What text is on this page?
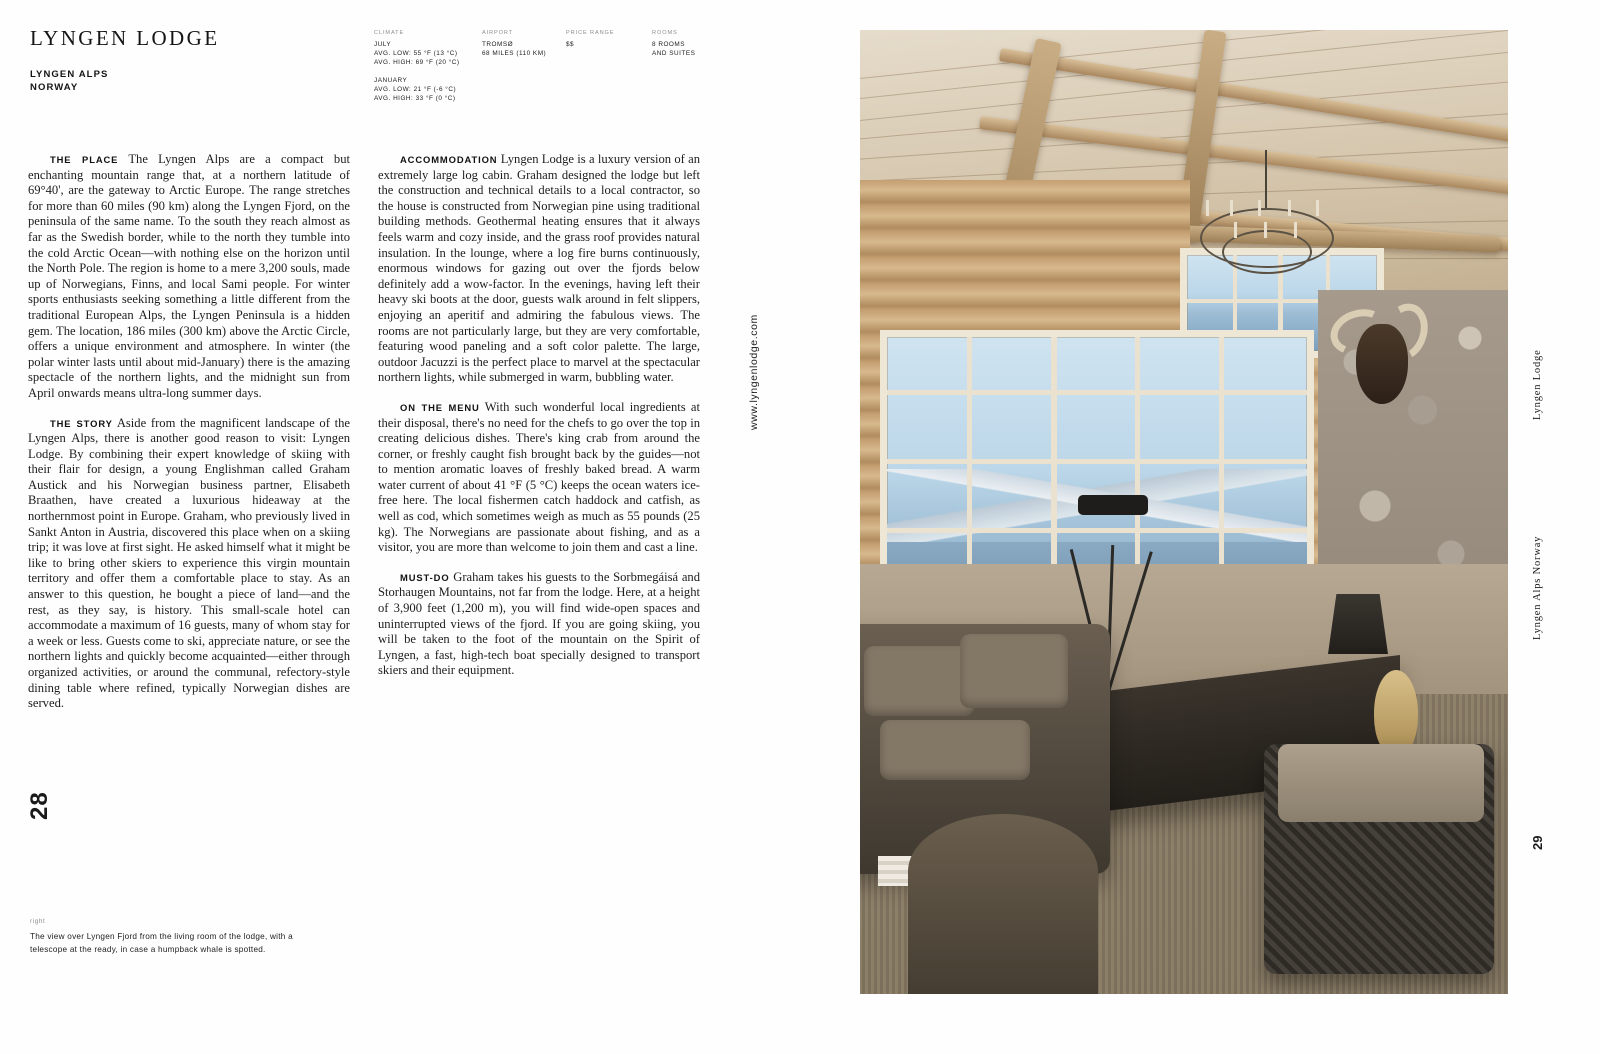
LYNGEN LODGE
LYNGEN ALPS
NORWAY
CLIMATE
JULY
AVG. LOW: 55 °F (13 °C)
AVG. HIGH: 69 °F (20 °C)
JANUARY
AVG. LOW: 21 °F (-6 °C)
AVG. HIGH: 33 °F (0 °C)
AIRPORT
TROMSØ
68 MILES (110 KM)
PRICE RANGE
$$
ROOMS
8 ROOMS
AND SUITES

THE PLACE The Lyngen Alps are a compact but enchanting mountain range that, at a northern latitude of 69°40', are the gateway to Arctic Europe. The range stretches for more than 60 miles (90 km) along the Lyngen Fjord, on the peninsula of the same name. To the south they reach almost as far as the Swedish border, while to the north they tumble into the cold Arctic Ocean—with nothing else on the horizon until the North Pole. The region is home to a mere 3,200 souls, made up of Norwegians, Finns, and local Sami people. For winter sports enthusiasts seeking something a little different from the traditional European Alps, the Lyngen Peninsula is a hidden gem. The location, 186 miles (300 km) above the Arctic Circle, offers a unique environment and atmosphere. In winter (the polar winter lasts until about mid-January) there is the amazing spectacle of the northern lights, and the midnight sun from April onwards means ultra-long summer days.

THE STORY Aside from the magnificent landscape of the Lyngen Alps, there is another good reason to visit: Lyngen Lodge. By combining their expert knowledge of skiing with their flair for design, a young Englishman called Graham Austick and his Norwegian business partner, Elisabeth Braathen, have created a luxurious hideaway at the northernmost point in Europe. Graham, who previously lived in Sankt Anton in Austria, discovered this place when on a skiing trip; it was love at first sight. He asked himself what it might be like to bring other skiers to experience this virgin mountain territory and offer them a comfortable place to stay. As an answer to this question, he bought a piece of land—and the rest, as they say, is history. This small-scale hotel can accommodate a maximum of 16 guests, many of whom stay for a week or less. Guests come to ski, appreciate nature, or see the northern lights and quickly become acquainted—either through organized activities, or around the communal, refectory-style dining table where refined, typically Norwegian dishes are served.

ACCOMMODATION Lyngen Lodge is a luxury version of an extremely large log cabin. Graham designed the lodge but left the construction and technical details to a local contractor, so the house is constructed from Norwegian pine using traditional building methods. Geothermal heating ensures that it always feels warm and cozy inside, and the grass roof provides natural insulation. In the lounge, where a log fire burns continuously, enormous windows for gazing out over the fjords below definitely add a wow-factor. In the evenings, having left their heavy ski boots at the door, guests walk around in felt slippers, enjoying an aperitif and admiring the fabulous views. The rooms are not particularly large, but they are very comfortable, featuring wood paneling and a soft color palette. The large, outdoor Jacuzzi is the perfect place to marvel at the spectacular northern lights, while submerged in warm, bubbling water.

ON THE MENU With such wonderful local ingredients at their disposal, there's no need for the chefs to go over the top in creating delicious dishes. There's king crab from around the corner, or freshly caught fish brought back by the guides—not to mention aromatic loaves of freshly baked bread. A warm water current of about 41 °F (5 °C) keeps the ocean waters ice-free here. The local fishermen catch haddock and catfish, as well as cod, which sometimes weigh as much as 55 pounds (25 kg). The Norwegians are passionate about fishing, and as a visitor, you are more than welcome to join them and cast a line.

MUST-DO Graham takes his guests to the Sorbmegáisá and Storhaugen Mountains, not far from the lodge. Here, at a height of 3,900 feet (1,200 m), you will find wide-open spaces and uninterrupted views of the fjord. If you are going skiing, you will be taken to the foot of the mountain on the Spirit of Lyngen, a fast, high-tech boat specially designed to transport skiers and their equipment.

www.lyngenlodge.com
28
right
The view over Lyngen Fjord from the living room of the lodge, with a telescope at the ready, in case a humpback whale is spotted.
Lyngen Lodge
Lyngen Alps Norway
29
